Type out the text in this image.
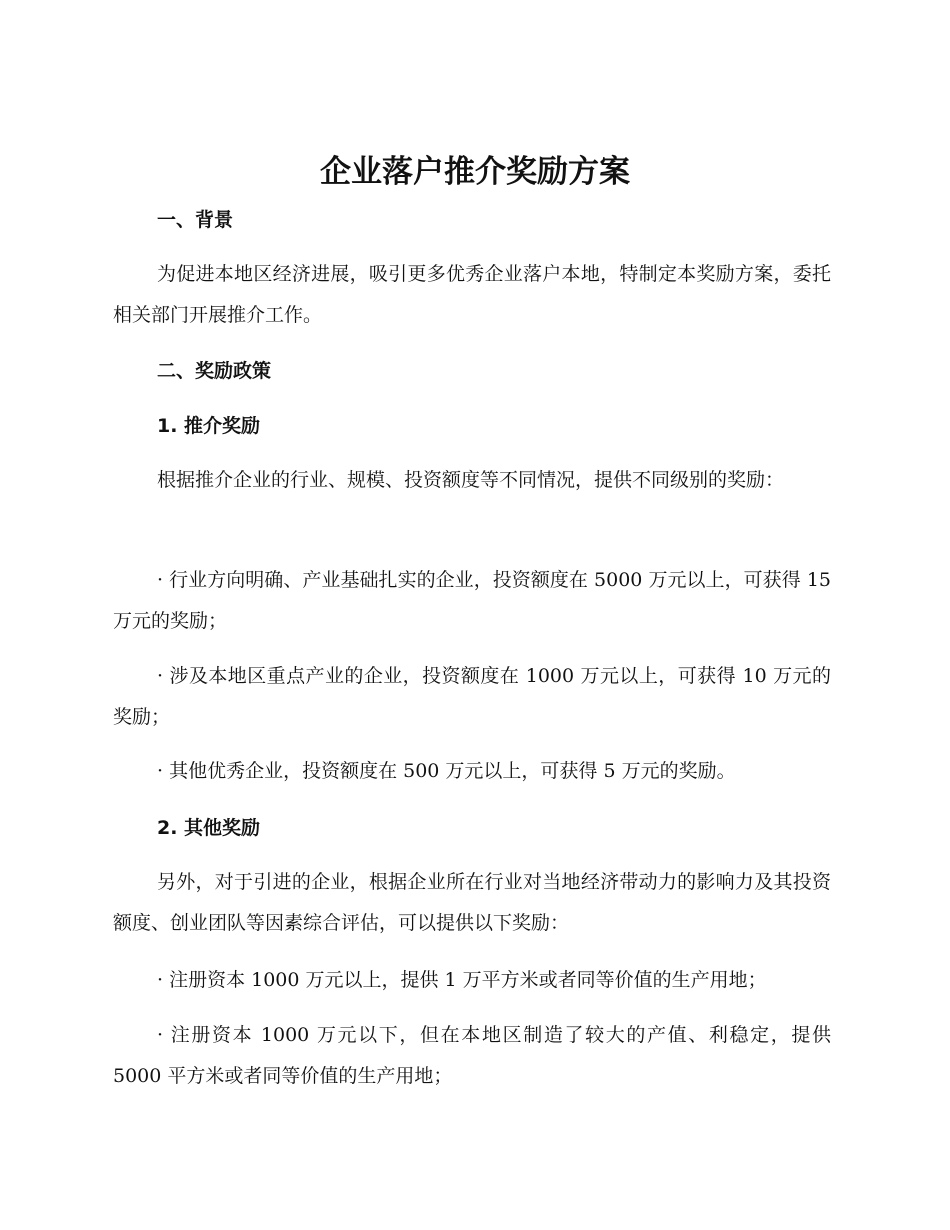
企业落户推介奖励方案
一、背景

为促进本地区经济进展，吸引更多优秀企业落户本地，特制定本奖励方案，委托相关部门开展推介工作。

二、奖励政策
1. 推介奖励

根据推介企业的行业、规模、投资额度等不同情况，提供不同级别的奖励：

· 行业方向明确、产业基础扎实的企业，投资额度在 5000 万元以上，可获得 15 万元的奖励；

· 涉及本地区重点产业的企业，投资额度在 1000 万元以上，可获得 10 万元的奖励；

· 其他优秀企业，投资额度在 500 万元以上，可获得 5 万元的奖励。

2. 其他奖励

另外，对于引进的企业，根据企业所在行业对当地经济带动力的影响力及其投资额度、创业团队等因素综合评估，可以提供以下奖励：

· 注册资本 1000 万元以上，提供 1 万平方米或者同等价值的生产用地；

· 注册资本 1000 万元以下，但在本地区制造了较大的产值、利稳定，提供 5000 平方米或者同等价值的生产用地；
